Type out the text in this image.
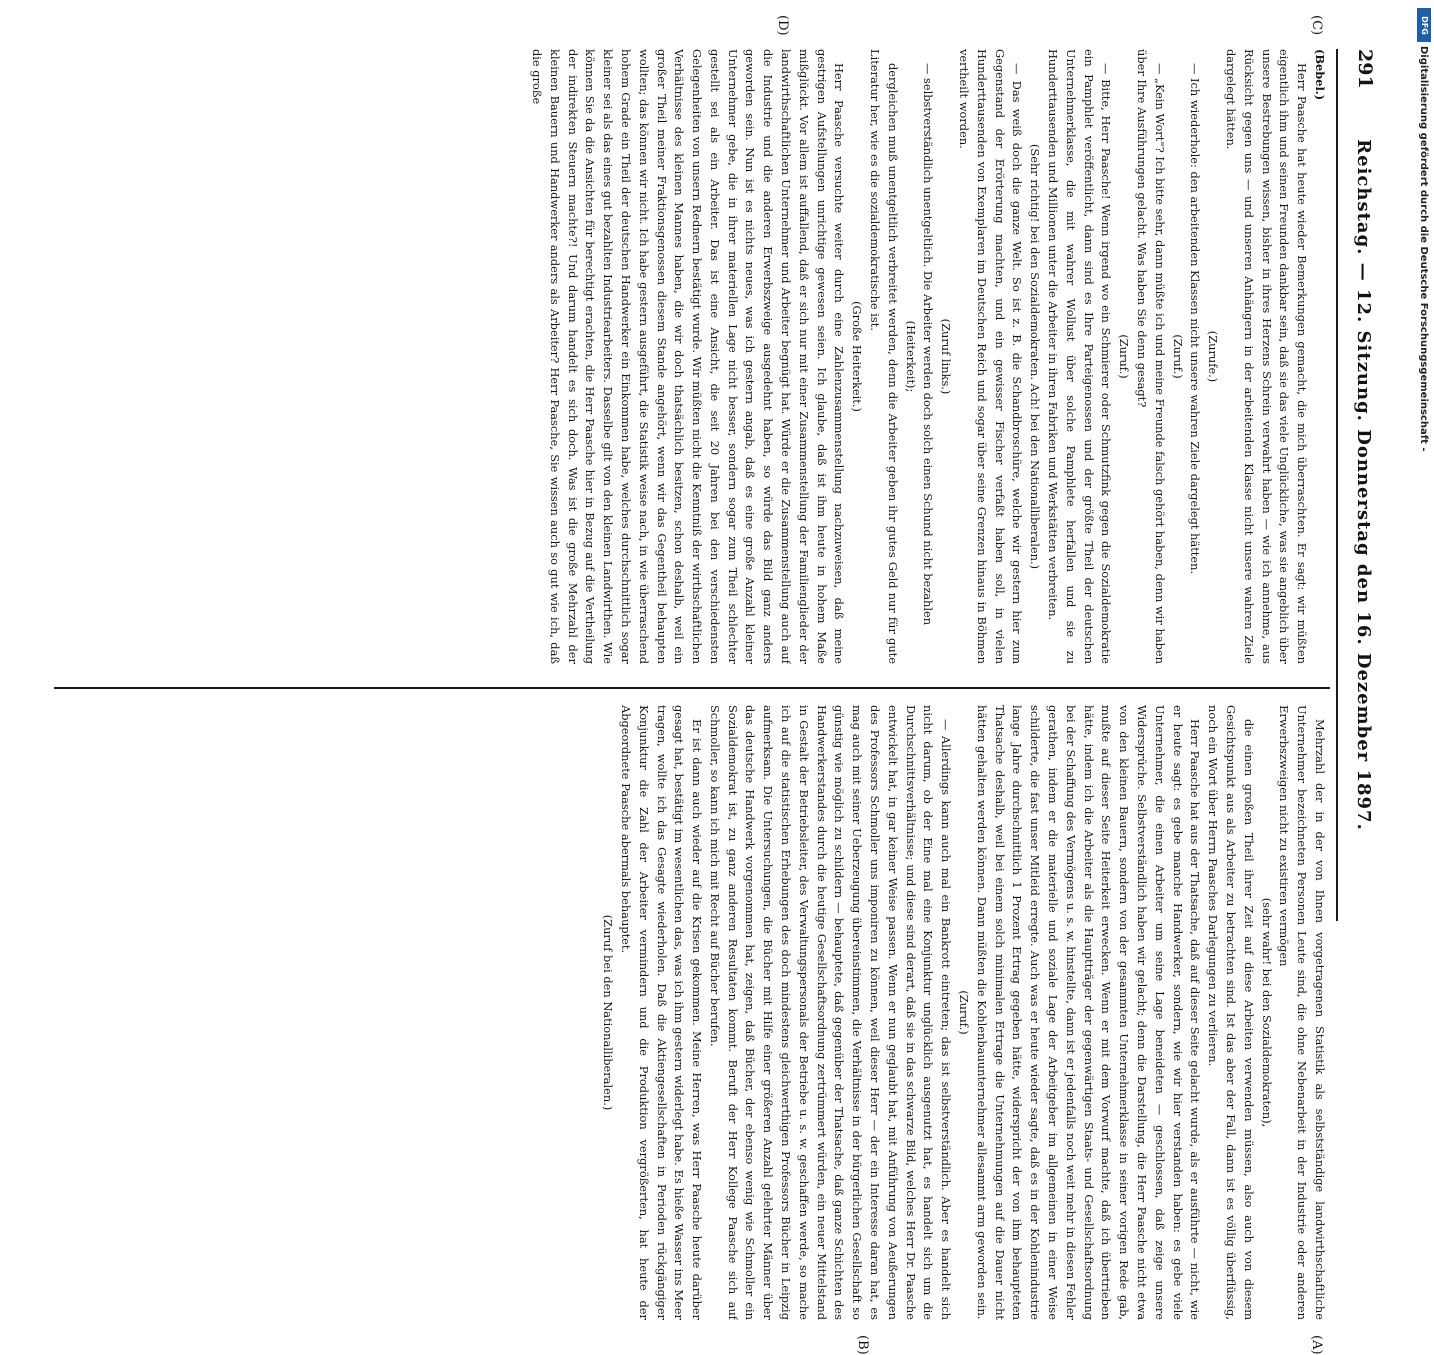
DFG
Digitalisierung gefördert durch die Deutsche Forschungsgemeinschaft -
291
Reichstag. — 12. Sitzung. Donnerstag den 16. Dezember 1897.
(C)
(D)
(A)
(B)

Mehrzahl der in der von Ihnen vorgetragenen Statistik als selbstständige landwirthschaftliche Unternehmer bezeichneten Personen Leute sind, die ohne Nebenarbeit in der Industrie oder anderen Erwerbszweigen nicht zu existiren vermögen

(sehr wahr! bei den Sozialdemokraten),

die einen großen Theil ihrer Zeit auf diese Arbeiten verwenden müssen, also auch von diesem Gesichtspunkt aus als Arbeiter zu betrachten sind. Ist das aber der Fall, dann ist es völlig überflüssig, noch ein Wort über Herrn Paasches Darlegungen zu verlieren.

Herr Paasche hat aus der Thatsache, daß auf dieser Seite gelacht wurde, als er ausführte — nicht, wie er heute sagt: es gebe manche Handwerker, sondern, wie wir hier verstanden haben: es gebe viele Unternehmer, die einen Arbeiter um seine Lage beneideten — geschlossen, daß zeige unsere Widersprüche. Selbstverständlich haben wir gelacht; denn die Darstellung, die Herr Paasche nicht etwa von den kleinen Bauern, sondern von der gesammten Unternehmerklasse in seiner vorigen Rede gab, mußte auf dieser Seite Heiterkeit erwecken. Wenn er mit dem Vorwurf machte, daß ich übertrieben hätte, indem ich die Arbeiter als die Hauptträger der gegenwärtigen Staats- und Gesellschaftsordnung bei der Schaffung des Vermögens u. s. w. hinstellte, dann ist er jedenfalls noch weit mehr in diesen Fehler gerathen, indem er die materielle und soziale Lage der Arbeitgeber im allgemeinen in einer Weise schilderte, die fast unser Mitleid erregte. Auch was er heute wieder sagte, daß es in der Kohlenindustrie lange Jahre durchschnittlich 1 Prozent Ertrag gegeben hätte, widerspricht der von ihm behaupteten Thatsache deshalb, weil bei einem solch minimalen Ertrage die Unternehmungen auf die Dauer nicht hätten gehalten werden können. Dann müßten die Kohlenbauunternehmer allesammt arm geworden sein.

(Zuruf.)

— Allerdings kann auch mal ein Bankrott eintreten; das ist selbstverständlich. Aber es handelt sich nicht darum, ob der Eine mal eine Konjunktur unglücklich ausgenutzt hat, es handelt sich um die Durchschnittsverhältnisse; und diese sind derart, daß sie in das schwarze Bild, welches Herr Dr. Paasche entwickelt hat, in gar keiner Weise passen. Wenn er nun geglaubt hat, mit Anführung von Aeußerungen des Professors Schmoller uns imponiren zu können, weil dieser Herr — der ein Interesse daran hat, es mag auch mit seiner Ueberzeugung übereinstimmen, die Verhältnisse in der bürgerlichen Gesellschaft so günstig wie möglich zu schildern — behauptete, daß gegenüber der Thatsache, daß ganze Schichten des Handwerkerstandes durch die heutige Gesellschaftsordnung zertrümmert würden, ein neuer Mittelstand in Gestalt der Betriebsleiter, des Verwaltungspersonals der Betriebe u. s. w. geschaffen werde, so mache ich auf die statistischen Erhebungen des doch mindestens gleichwerthigen Professors Bücher in Leipzig aufmerksam. Die Untersuchungen, die Bücher mit Hilfe einer größeren Anzahl gelehrter Männer über das deutsche Handwerk vorgenommen hat, zeigen, daß Bücher, der ebenso wenig wie Schmoller ein Sozialdemokrat ist, zu ganz anderen Resultaten kommt. Beruft der Herr Kollege Paasche sich auf Schmoller, so kann ich mich mit Recht auf Bücher berufen.

Er ist dann auch wieder auf die Krisen gekommen. Meine Herren, was Herr Paasche heute darüber gesagt hat, bestätigt im wesentlichen das, was ich ihm gestern widerlegt habe. Es hieße Wasser ins Meer tragen, wollte ich das Gesagte wiederholen. Daß die Aktiengesellschaften in Perioden rückgängiger Konjunktur die Zahl der Arbeiter vermindern und die Produktion vergrößerten, hat heute der Abgeordnete Paasche abermals behauptet.

(Zuruf bei den Nationalliberalen.)

(Bebel.)

Herr Paasche hat heute wieder Bemerkungen gemacht, die mich überraschten. Er sagt: wir müßten eigentlich ihm und seinen Freunden dankbar sein, daß sie das viele Unglückliche, was sie angeblich über unsere Bestrebungen wissen, bisher in ihres Herzens Schrein verwahrt haben — wie ich annehme, aus Rücksicht gegen uns — und unseren Anhängern in der arbeitenden Klasse nicht unsere wahren Ziele dargelegt hätten.

(Zurufe.)

— Ich wiederhole: den arbeitenden Klassen nicht unsere wahren Ziele dargelegt hätten.

(Zuruf.)

— „Kein Wort"? Ich bitte sehr, dann müßte ich und meine Freunde falsch gehört haben, denn wir haben über Ihre Ausführungen gelacht. Was haben Sie denn gesagt?

(Zuruf.)

— Bitte, Herr Paasche! Wenn irgend wo ein Schmierer oder Schmutzfink gegen die Sozialdemokratie ein Pamphlet veröffentlicht, dann sind es Ihre Parteigenossen und der größte Theil der deutschen Unternehmerklasse, die mit wahrer Wollust über solche Pamphlete herfallen und sie zu Hunderttausenden und Millionen unter die Arbeiter in ihren Fabriken und Werkstätten verbreiten.

(Sehr richtig! bei den Sozialdemokraten. Ach! bei den Nationalliberalen.)

— Das weiß doch die ganze Welt. So ist z. B. die Schandbroschüre, welche wir gestern hier zum Gegenstand der Erörterung machten, und ein gewisser Fischer verfaßt haben soll, in vielen Hunderttausenden von Exemplaren im Deutschen Reich und sogar über seine Grenzen hinaus in Böhmen vertheilt worden.

(Zuruf links.)

— selbstverständlich unentgeltlich. Die Arbeiter werden doch solch einen Schund nicht bezahlen

(Heiterkeit);

dergleichen muß unentgeltlich verbreitet werden, denn die Arbeiter geben ihr gutes Geld nur für gute Literatur her, wie es die sozialdemokratische ist.

(Große Heiterkeit.)

Herr Paasche versuchte weiter durch eine Zahlenzusammenstellung nachzuweisen, daß meine gestrigen Aufstellungen unrichtige gewesen seien. Ich glaube, daß ist ihm heute in hohem Maße mißglückt. Vor allem ist auffallend, daß er sich nur mit einer Zusammenstellung der Familienglieder der landwirthschaftlichen Unternehmer und Arbeiter begnügt hat. Würde er die Zusammenstellung auch auf die Industrie und die anderen Erwerbszweige ausgedehnt haben, so würde das Bild ganz anders geworden sein. Nun ist es nichts neues, was ich gestern angab, daß es eine große Anzahl kleiner Unternehmer gebe, die in ihrer materiellen Lage nicht besser, sondern sogar zum Theil schlechter gestellt sei als ein Arbeiter. Das ist eine Ansicht, die seit 20 Jahren bei den verschiedensten Gelegenheiten von unsern Rednern bestätigt wurde. Wir müßten nicht die Kenntniß der wirthschaftlichen Verhältnisse des kleinen Mannes haben, die wir doch thatsächlich besitzen, schon deshalb, weil ein großer Theil meiner Fraktionsgenossen diesem Stande angehört, wenn wir das Gegentheil behaupten wollten; das können wir nicht. Ich habe gestern ausgeführt, die Statistik weise nach, in wie überraschend hohem Grade ein Theil der deutschen Handwerker ein Einkommen habe, welches durchschnittlich sogar kleiner sei als das eines gut bezahlten Industriearbeiters. Dasselbe gilt von den kleinen Landwirthen. Wie können Sie da die Ansichten für berechtigt erachten, die Herr Paasche hier in Bezug auf die Vertheilung der indirekten Steuern machte?! Und darum handelt es sich doch. Was ist die große Mehrzahl der kleinen Bauern und Handwerker anders als Arbeiter? Herr Paasche, Sie wissen auch so gut wie ich, daß die große
